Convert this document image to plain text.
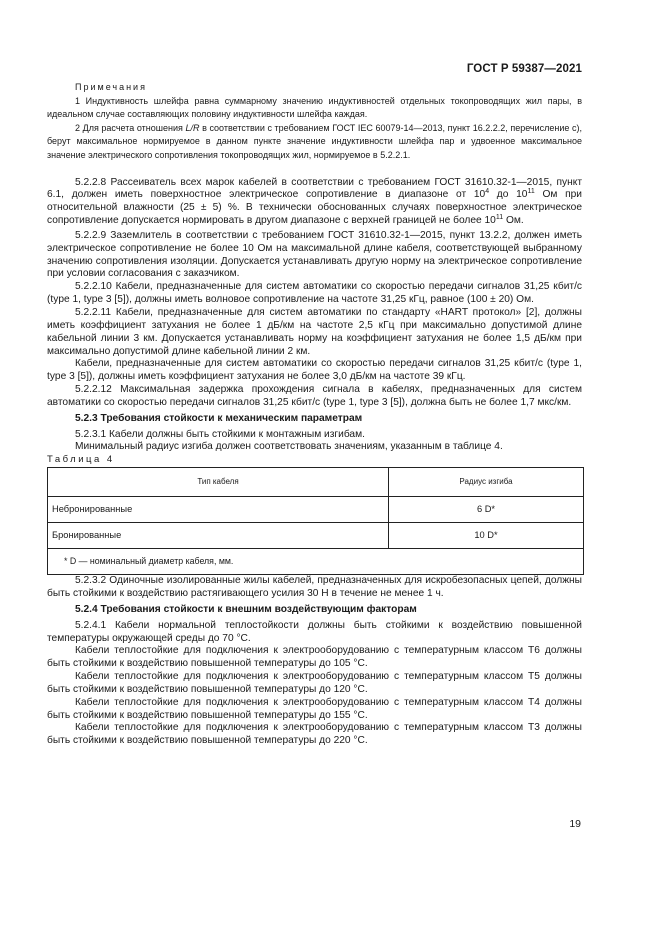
ГОСТ Р 59387—2021

Примечания

1 Индуктивность шлейфа равна суммарному значению индуктивностей отдельных токопроводящих жил пары, в идеальном случае составляющих половину индуктивности шлейфа каждая.

2 Для расчета отношения L/R в соответствии с требованием ГОСТ IEC 60079-14—2013, пункт 16.2.2.2, перечисление c), берут максимальное нормируемое в данном пункте значение индуктивности шлейфа пар и удвоенное максимальное значение электрического сопротивления токопроводящих жил, нормируемое в 5.2.2.1.

5.2.2.8 Рассеиватель всех марок кабелей в соответствии с требованием ГОСТ 31610.32-1—2015, пункт 6.1, должен иметь поверхностное электрическое сопротивление в диапазоне от $10^4$ до $10^{11}$ Ом при относительной влажности (25 ± 5) %. В технически обоснованных случаях поверхностное электрическое сопротивление допускается нормировать в другом диапазоне с верхней границей не более $10^{11}$ Ом.

5.2.2.9 Заземлитель в соответствии с требованием ГОСТ 31610.32-1—2015, пункт 13.2.2, должен иметь электрическое сопротивление не более 10 Ом на максимальной длине кабеля, соответствующей выбранному значению сопротивления изоляции. Допускается устанавливать другую норму на электрическое сопротивление при условии согласования с заказчиком.

5.2.2.10 Кабели, предназначенные для систем автоматики со скоростью передачи сигналов 31,25 кбит/с (type 1, type 3 [5]), должны иметь волновое сопротивление на частоте 31,25 кГц, равное (100 ± 20) Ом.

5.2.2.11 Кабели, предназначенные для систем автоматики по стандарту «HART протокол» [2], должны иметь коэффициент затухания не более 1 дБ/км на частоте 2,5 кГц при максимально допустимой длине кабельной линии 3 км. Допускается устанавливать норму на коэффициент затухания не более 1,5 дБ/км при максимально допустимой длине кабельной линии 2 км.

Кабели, предназначенные для систем автоматики со скоростью передачи сигналов 31,25 кбит/с (type 1, type 3 [5]), должны иметь коэффициент затухания не более 3,0 дБ/км на частоте 39 кГц.

5.2.2.12 Максимальная задержка прохождения сигнала в кабелях, предназначенных для систем автоматики со скоростью передачи сигналов 31,25 кбит/с (type 1, type 3 [5]), должна быть не более 1,7 мкс/км.

5.2.3 Требования стойкости к механическим параметрам

5.2.3.1 Кабели должны быть стойкими к монтажным изгибам.

Минимальный радиус изгиба должен соответствовать значениям, указанным в таблице 4.

Таблица 4

Тип кабеля	Радиус изгиба
Небронированные	6 D*
Бронированные	10 D*
* D — номинальный диаметр кабеля, мм.	

5.2.3.2 Одиночные изолированные жилы кабелей, предназначенных для искробезопасных цепей, должны быть стойкими к воздействию растягивающего усилия 30 Н в течение не менее 1 ч.

5.2.4 Требования стойкости к внешним воздействующим факторам

5.2.4.1 Кабели нормальной теплостойкости должны быть стойкими к воздействию повышенной температуры окружающей среды до 70 °С.

Кабели теплостойкие для подключения к электрооборудованию с температурным классом Т6 должны быть стойкими к воздействию повышенной температуры до 105 °С.

Кабели теплостойкие для подключения к электрооборудованию с температурным классом Т5 должны быть стойкими к воздействию повышенной температуры до 120 °С.

Кабели теплостойкие для подключения к электрооборудованию с температурным классом Т4 должны быть стойкими к воздействию повышенной температуры до 155 °С.

Кабели теплостойкие для подключения к электрооборудованию с температурным классом Т3 должны быть стойкими к воздействию повышенной температуры до 220 °С.

19
